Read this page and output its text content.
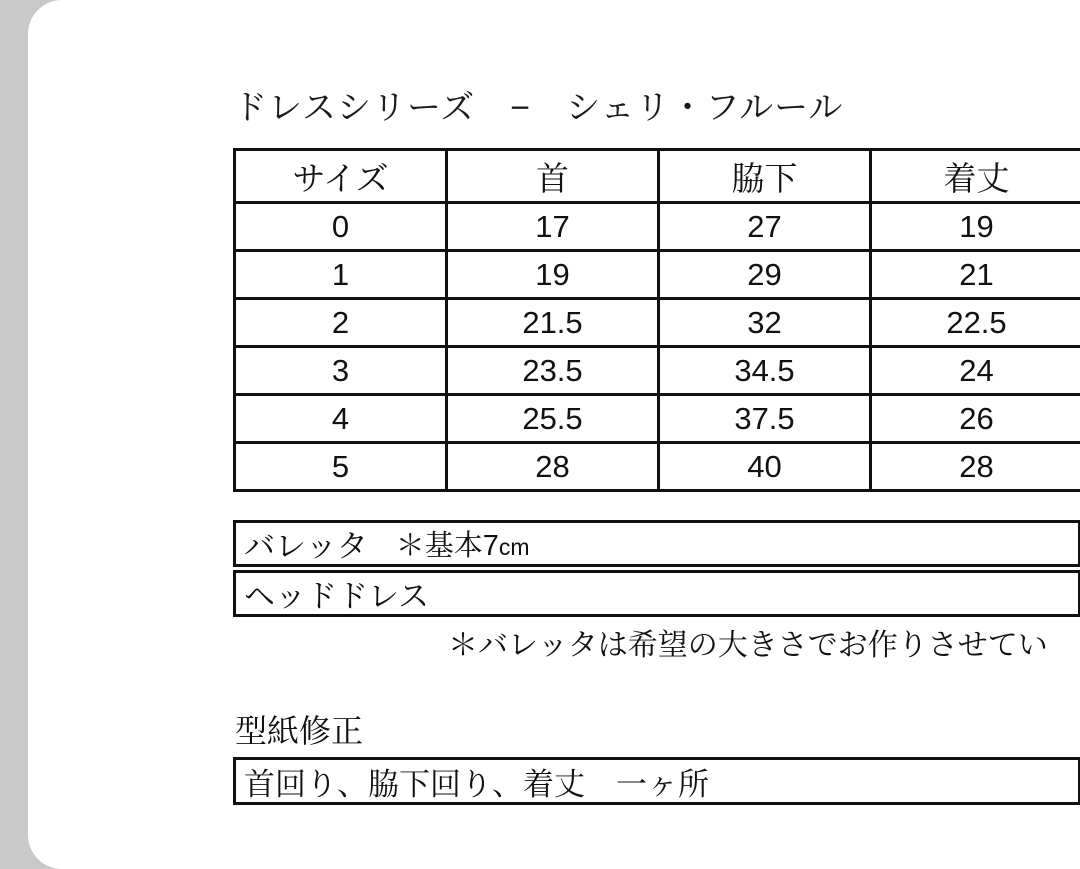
ドレスシリーズ　−　シェリ・フルール
サイズ	首	脇下	着丈
0	17	27	19
1	19	29	21
2	21.5	32	22.5
3	23.5	34.5	24
4	25.5	37.5	26
5	28	40	28
バレッタ ＊基本7cm
ヘッドドレス
＊バレッタは希望の大きさでお作りさせてい
型紙修正
首回り、脇下回り、着丈　一ヶ所
